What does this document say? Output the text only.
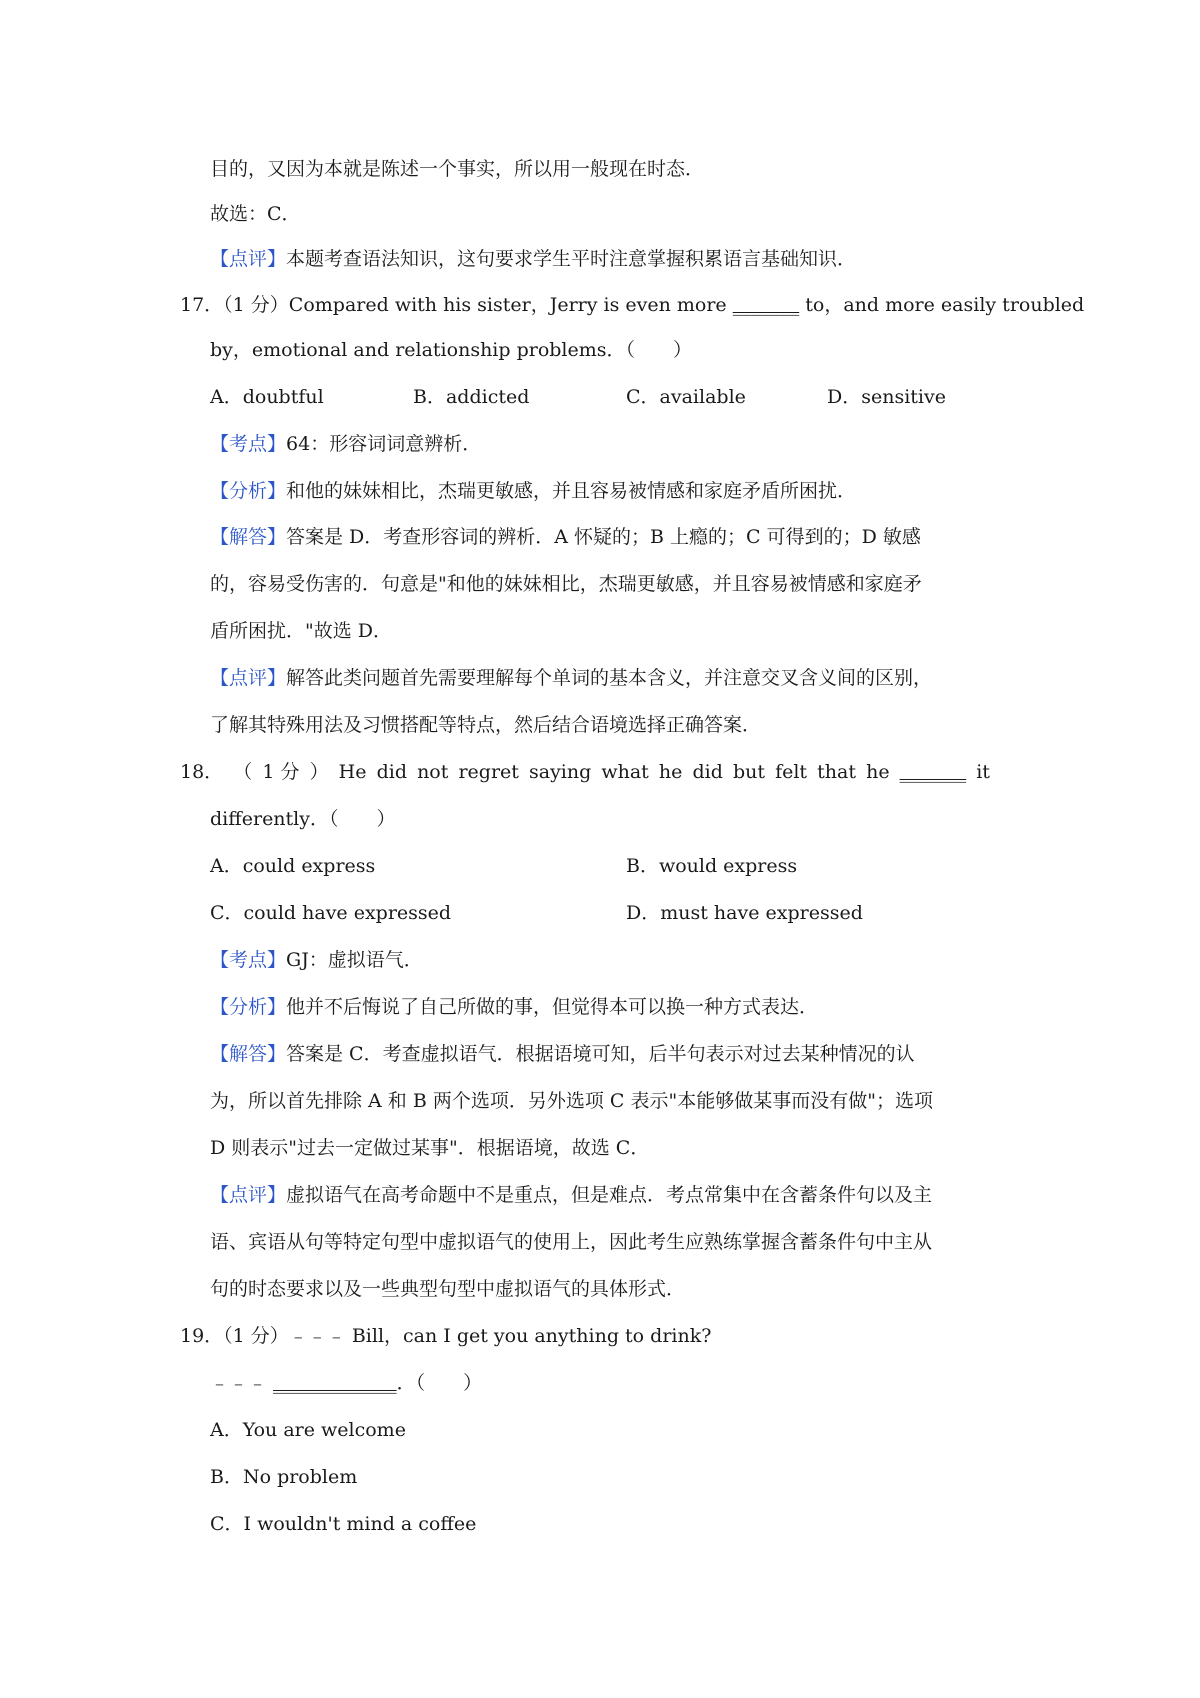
目的，又因为本就是陈述一个事实，所以用一般现在时态．
故选：C．
【点评】本题考查语法知识，这句要求学生平时注意掌握积累语言基础知识．
17．（1 分）Compared with his sister，Jerry is even more _______ to，and more easily troubled
by，emotional and relationship problems．（　　）
A．doubtful	B．addicted	C．available	D．sensitive
【考点】64：形容词词意辨析．
【分析】和他的妹妹相比，杰瑞更敏感，并且容易被情感和家庭矛盾所困扰．
【解答】答案是 D．考查形容词的辨析．A 怀疑的；B 上瘾的；C 可得到的；D 敏感
的，容易受伤害的．句意是"和他的妹妹相比，杰瑞更敏感，并且容易被情感和家庭矛
盾所困扰．"故选 D．
【点评】解答此类问题首先需要理解每个单词的基本含义，并注意交叉含义间的区别，
了解其特殊用法及习惯搭配等特点，然后结合语境选择正确答案．
18． （ 1 分 ） He did not regret saying what he did but felt that he _______ it
differently．（　　）
A．could express	B．would express
C．could have expressed	D．must have expressed
【考点】GJ：虚拟语气．
【分析】他并不后悔说了自己所做的事，但觉得本可以换一种方式表达．
【解答】答案是 C．考查虚拟语气．根据语境可知，后半句表示对过去某种情况的认
为，所以首先排除 A 和 B 两个选项．另外选项 C 表示"本能够做某事而没有做"；选项
D 则表示"过去一定做过某事"．根据语境，故选 C．
【点评】虚拟语气在高考命题中不是重点，但是难点．考点常集中在含蓄条件句以及主
语、宾语从句等特定句型中虚拟语气的使用上，因此考生应熟练掌握含蓄条件句中主从
句的时态要求以及一些典型句型中虚拟语气的具体形式．
19．（1 分）﹣﹣﹣ Bill，can I get you anything to drink?
﹣﹣﹣ _____________．（　　）
A．You are welcome
B．No problem
C．I wouldn't mind a coffee
